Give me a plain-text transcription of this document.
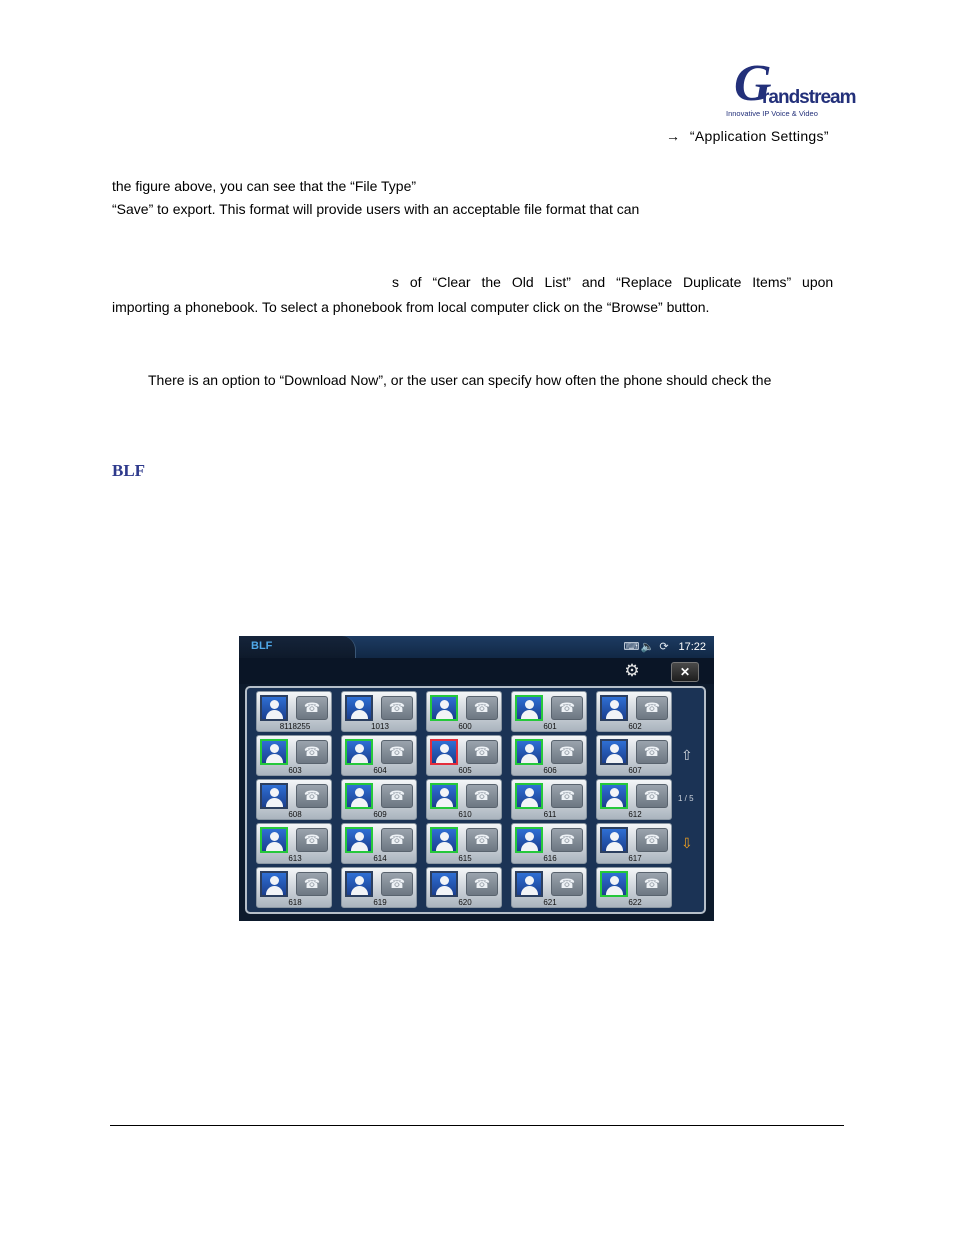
G
randstream
Innovative IP Voice & Video
→ “Application Settings”
the figure above, you can see that the “File Type”
“Save” to export. This format will provide users with an acceptable file format that can
s of “Clear the Old List” and “Replace Duplicate Items” upon
importing a phonebook. To select a phonebook from local computer click on the “Browse” button.
There is an option to “Download Now”, or the user can specify how often the phone should check the
BLF
BLF	⌨ 🔈 ⟳ 17:22
⚙	✕
☎
8118255
☎
1013
☎
600
☎
601
☎
602
☎
603
☎
604
☎
605
☎
606
☎
607
☎
608
☎
609
☎
610
☎
611
☎
612
☎
613
☎
614
☎
615
☎
616
☎
617
☎
618
☎
619
☎
620
☎
621
☎
622
⇧
1 / 5
⇩
